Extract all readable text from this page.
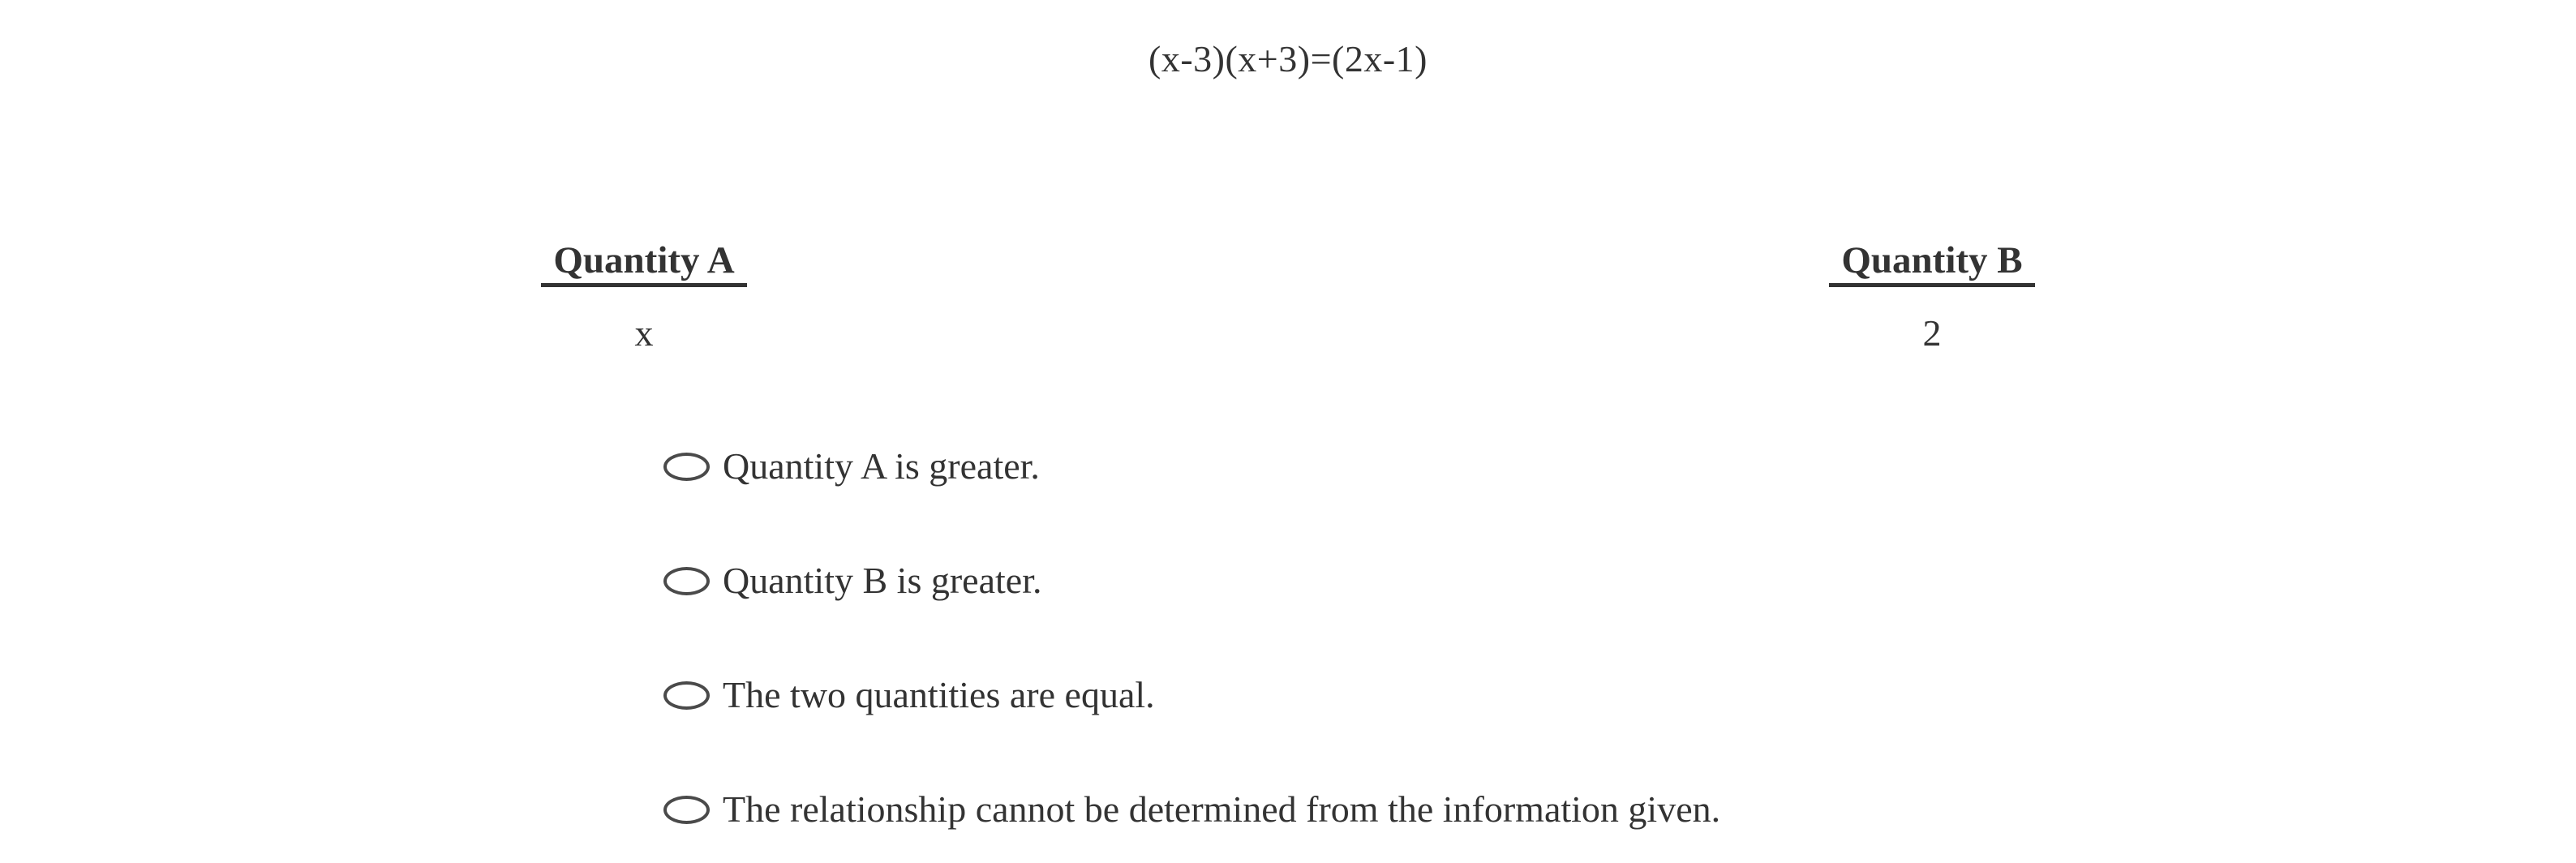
(x-3)(x+3)=(2x-1)
Quantity A
x
Quantity B
2
Quantity A is greater.
Quantity B is greater.
The two quantities are equal.
The relationship cannot be determined from the information given.
